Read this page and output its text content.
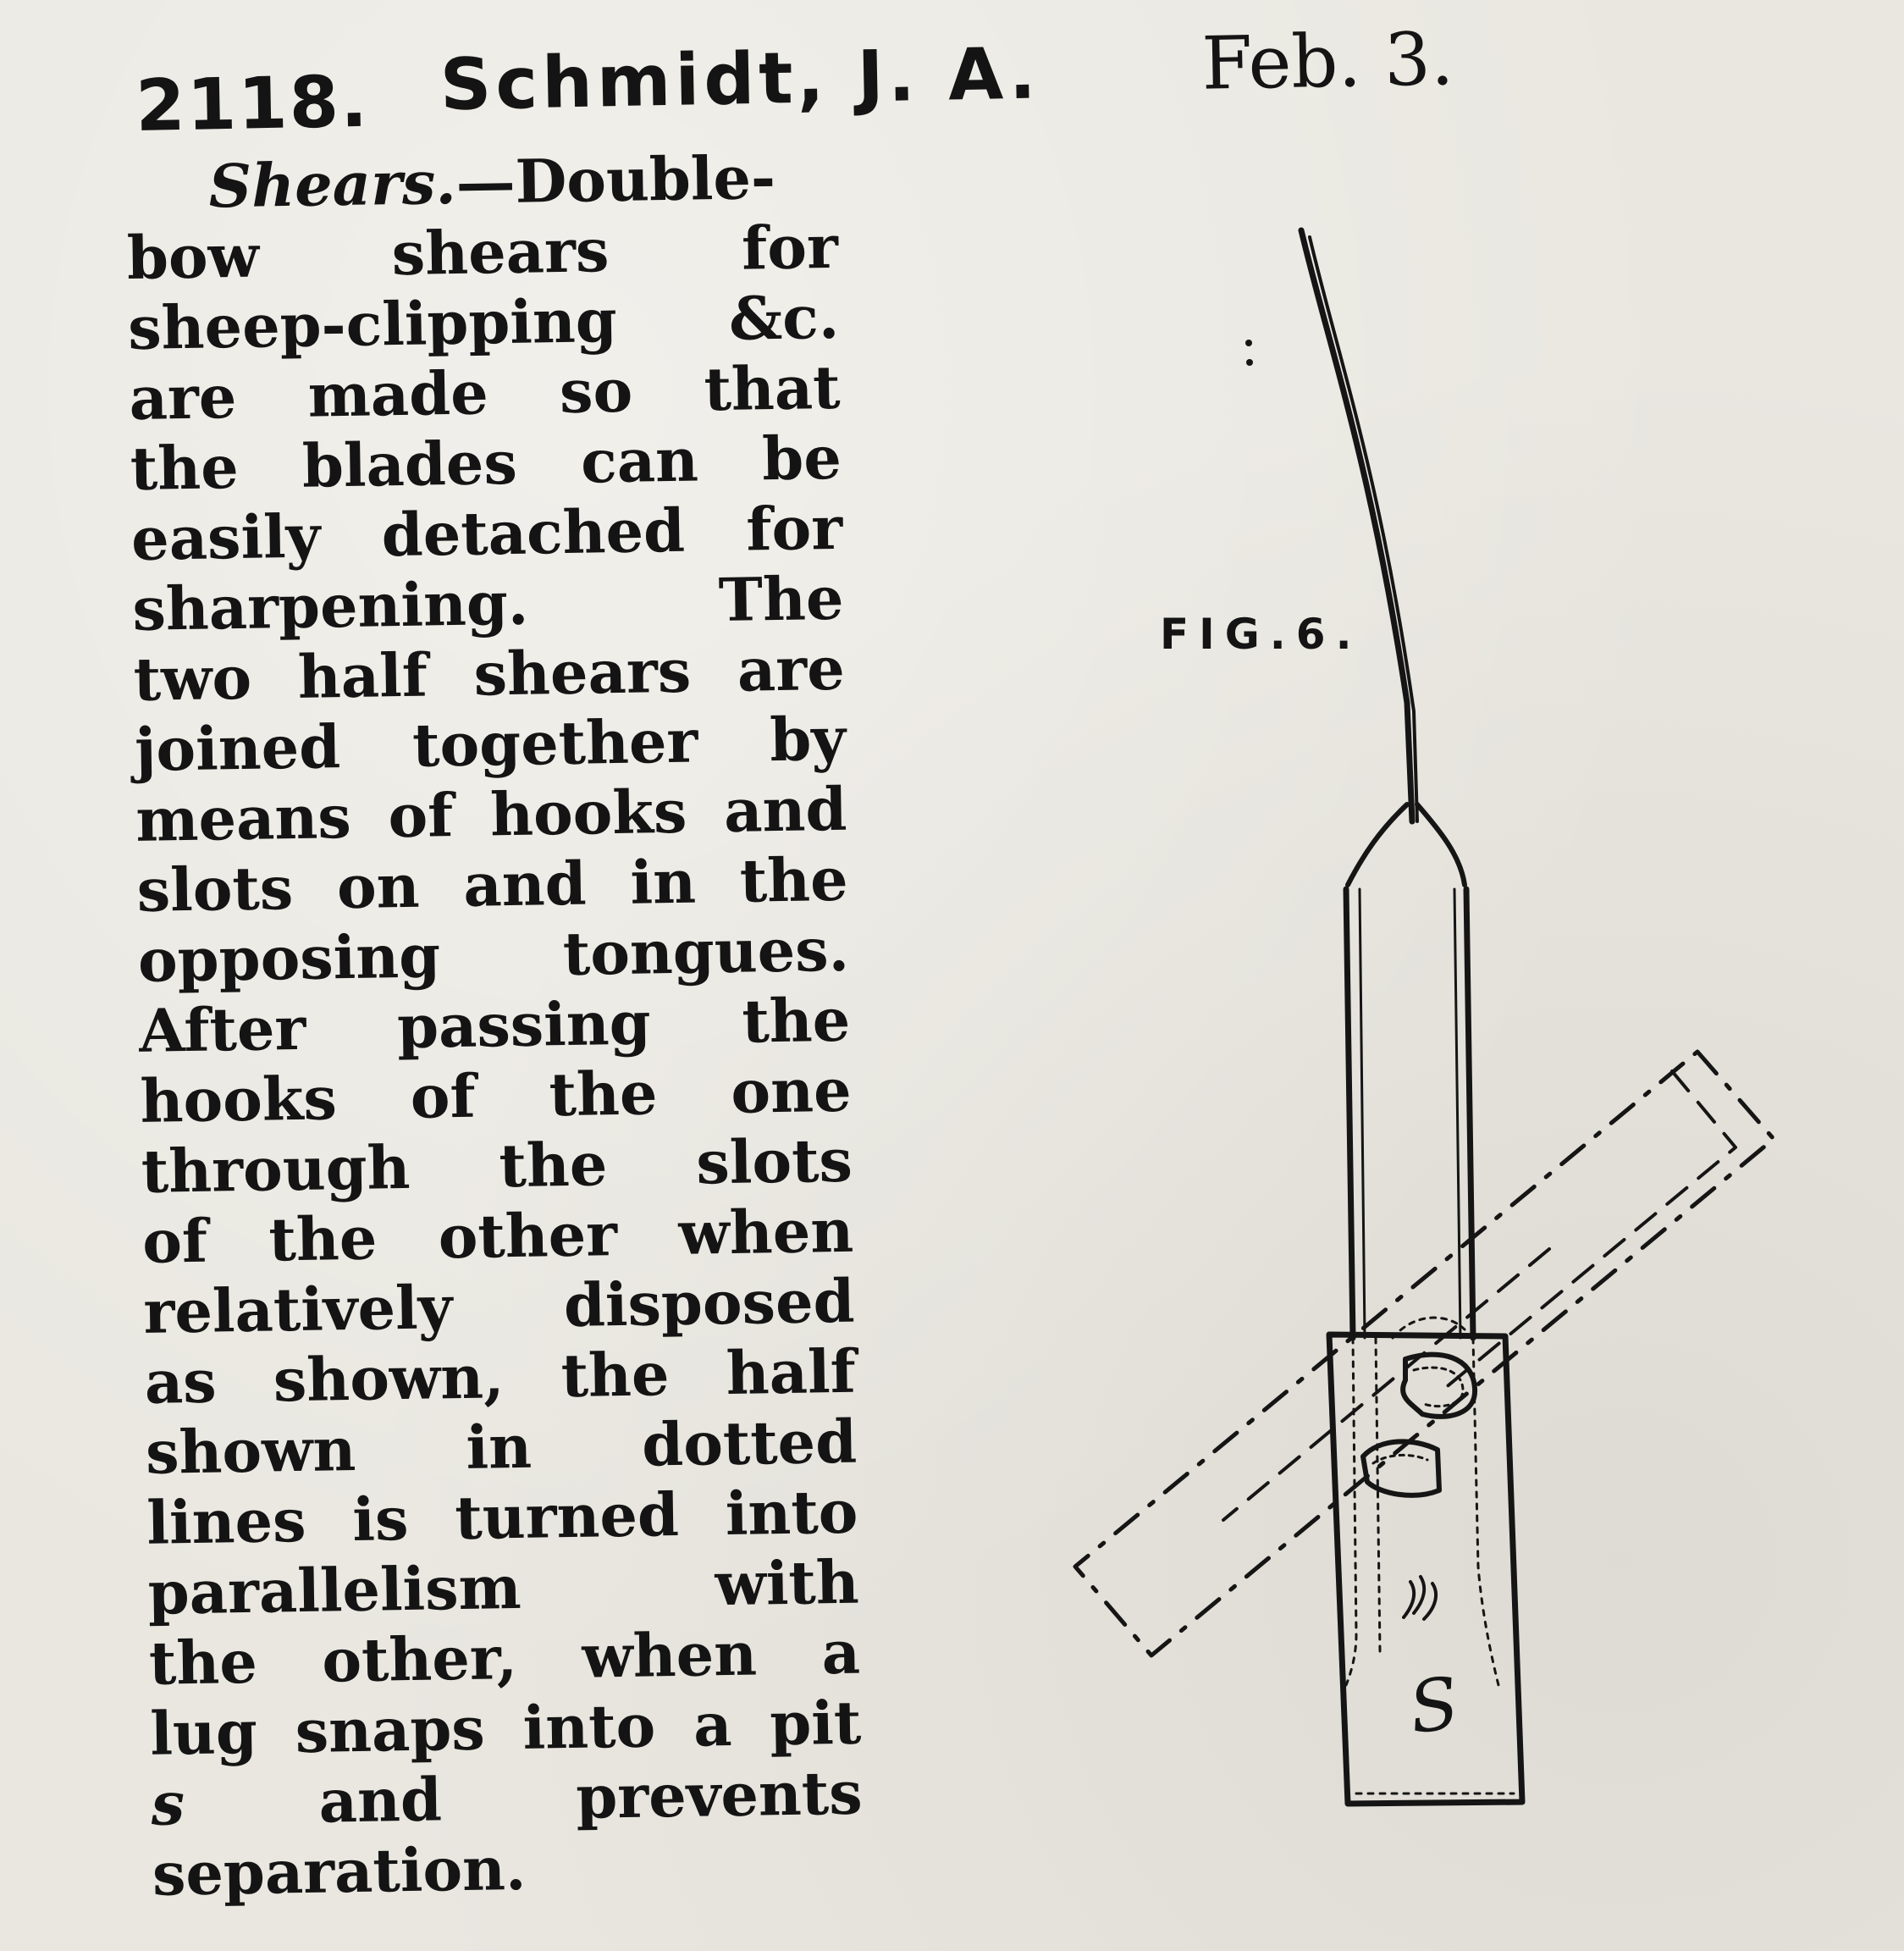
2118. Schmidt, J. A. Feb. 3.
Shears.—Double-
bow shears for
sheep-clipping &c.
are made so that
the blades can be
easily detached for
sharpening. The
two half shears are
joined together by
means of hooks and
slots on and in the
opposing tongues.
After passing the
hooks of the one
through the slots
of the other when
relatively disposed
as shown, the half
shown in dotted
lines is turned into
parallelism with
the other, when a
lug snaps into a pit
s and prevents
separation.
FIG.6.
S
